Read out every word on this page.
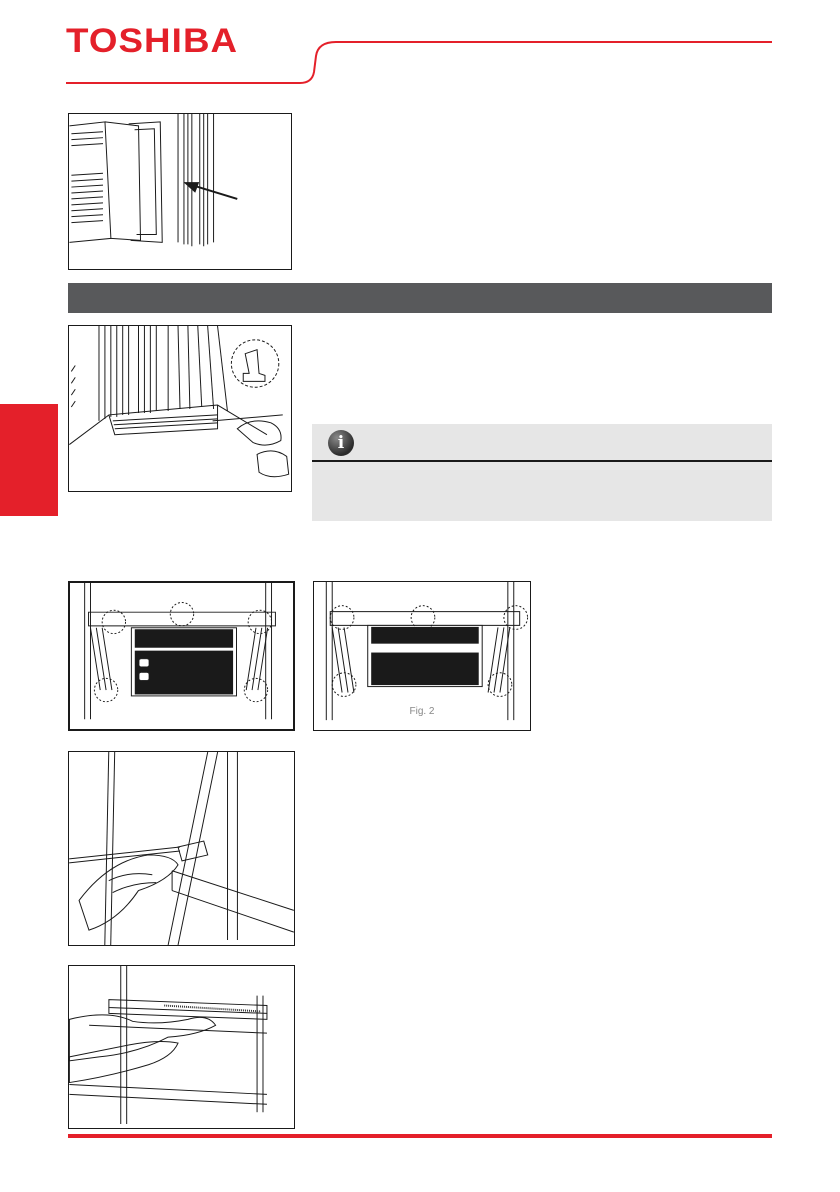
TOSHIBA
i
Fig. 2
